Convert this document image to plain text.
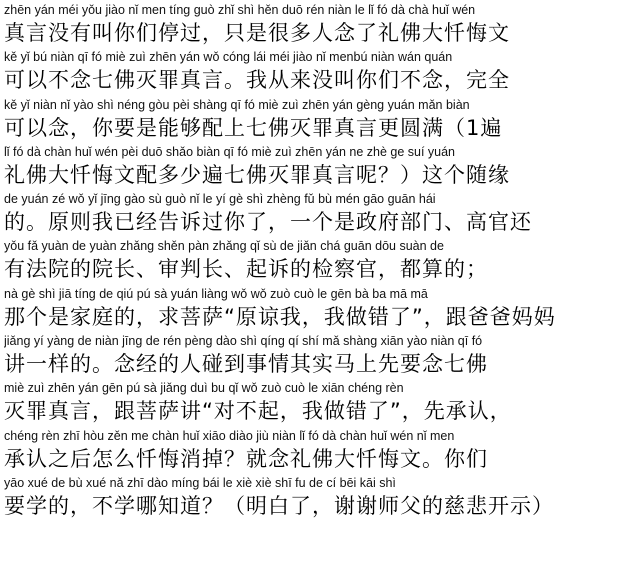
zhēn yán méi yǒu jiào nǐ men tíng guò zhǐ shì hěn duō rén niàn le lǐ fó dà chà huǐ wén
真言没有叫你们停过，只是很多人念了礼佛大忏悔文
kě yǐ bú niàn qī fó miè zuì zhēn yán wǒ cóng lái méi jiào nǐ menbú niàn wán quán
可以不念七佛灭罪真言。我从来没叫你们不念，完全
kě yǐ niàn nǐ yào shì néng gòu pèi shàng qī fó miè zuì zhēn yán gèng yuán mǎn biàn
可以念，你要是能够配上七佛灭罪真言更圆满（1遍
lǐ fó dà chàn huǐ wén pèi duō shǎo biàn qī fó miè zuì zhēn yán ne zhè ge suí yuán
礼佛大忏悔文配多少遍七佛灭罪真言呢？）这个随缘
de yuán zé wǒ yǐ jīng gào sù guò nǐ le yí gè shì zhèng fǔ bù mén gāo guān hái
的。原则我已经告诉过你了，一个是政府部门、高官还
yǒu fǎ yuàn de yuàn zhǎng shěn pàn zhǎng qǐ sù de jiǎn chá guān dōu suàn de
有法院的院长、审判长、起诉的检察官，都算的；
nà gè shì jiā tíng de qiú pú sà yuán liàng wǒ wǒ zuò cuò le gēn bà ba mā mā
那个是家庭的，求菩萨“原谅我，我做错了”，跟爸爸妈妈
jiǎng yí yàng de niàn jīng de rén pèng dào shì qíng qí shí mǎ shàng xiān yào niàn qī fó
讲一样的。念经的人碰到事情其实马上先要念七佛
miè zuì zhēn yán gēn pú sà jiǎng duì bu qǐ wǒ zuò cuò le xiān chéng rèn
灭罪真言，跟菩萨讲“对不起，我做错了”，先承认，
chéng rèn zhī hòu zěn me chàn huǐ xiāo diào jiù niàn lǐ fó dà chàn huǐ wén nǐ men
承认之后怎么忏悔消掉？就念礼佛大忏悔文。你们
yāo xué de bù xué nǎ zhī dào míng bái le xiè xiè shī fu de cí bēi kāi shì
要学的，不学哪知道？（明白了，谢谢师父的慈悲开示）
